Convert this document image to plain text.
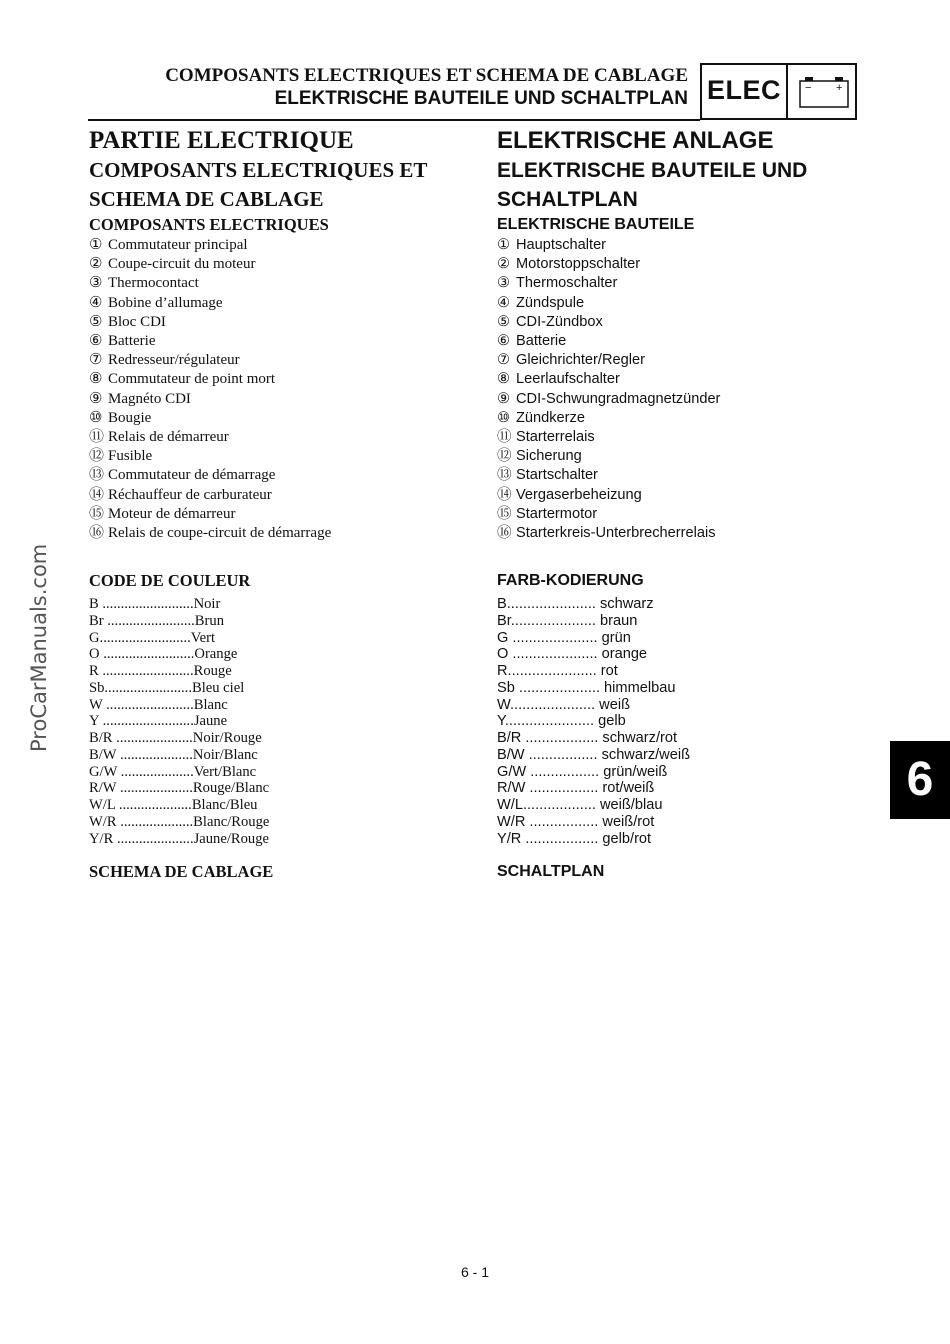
COMPOSANTS ELECTRIQUES ET SCHEMA DE CABLAGE
ELEKTRISCHE BAUTEILE UND SCHALTPLAN ELEC − +
PARTIE ELECTRIQUE
COMPOSANTS ELECTRIQUES ET
SCHEMA DE CABLAGE
COMPOSANTS ELECTRIQUES
① Commutateur principal
② Coupe-circuit du moteur
③ Thermocontact
④ Bobine d’allumage
⑤ Bloc CDI
⑥ Batterie
⑦ Redresseur/régulateur
⑧ Commutateur de point mort
⑨ Magnéto CDI
⑩ Bougie
⑪ Relais de démarreur
⑫ Fusible
⑬ Commutateur de démarrage
⑭ Réchauffeur de carburateur
⑮ Moteur de démarreur
⑯ Relais de coupe-circuit de démarrage
CODE DE COULEUR
B .........................Noir
Br ........................Brun
G.........................Vert
O .........................Orange
R .........................Rouge
Sb........................Bleu ciel
W ........................Blanc
Y .........................Jaune
B/R .....................Noir/Rouge
B/W ....................Noir/Blanc
G/W ....................Vert/Blanc
R/W ....................Rouge/Blanc
W/L ....................Blanc/Bleu
W/R ....................Blanc/Rouge
Y/R .....................Jaune/Rouge
SCHEMA DE CABLAGE
ELEKTRISCHE ANLAGE
ELEKTRISCHE BAUTEILE UND
SCHALTPLAN
ELEKTRISCHE BAUTEILE
① Hauptschalter
② Motorstoppschalter
③ Thermoschalter
④ Zündspule
⑤ CDI-Zündbox
⑥ Batterie
⑦ Gleichrichter/Regler
⑧ Leerlaufschalter
⑨ CDI-Schwungradmagnetzünder
⑩ Zündkerze
⑪ Starterrelais
⑫ Sicherung
⑬ Startschalter
⑭ Vergaserbeheizung
⑮ Startermotor
⑯ Starterkreis-Unterbrecherrelais
FARB-KODIERUNG
B...................... schwarz
Br..................... braun
G ..................... grün
O ..................... orange
R...................... rot
Sb .................... himmelbau
W..................... weiß
Y...................... gelb
B/R .................. schwarz/rot
B/W ................. schwarz/weiß
G/W ................. grün/weiß
R/W ................. rot/weiß
W/L.................. weiß/blau
W/R ................. weiß/rot
Y/R .................. gelb/rot
SCHALTPLAN
ProCarManuals.com
6
6 - 1
